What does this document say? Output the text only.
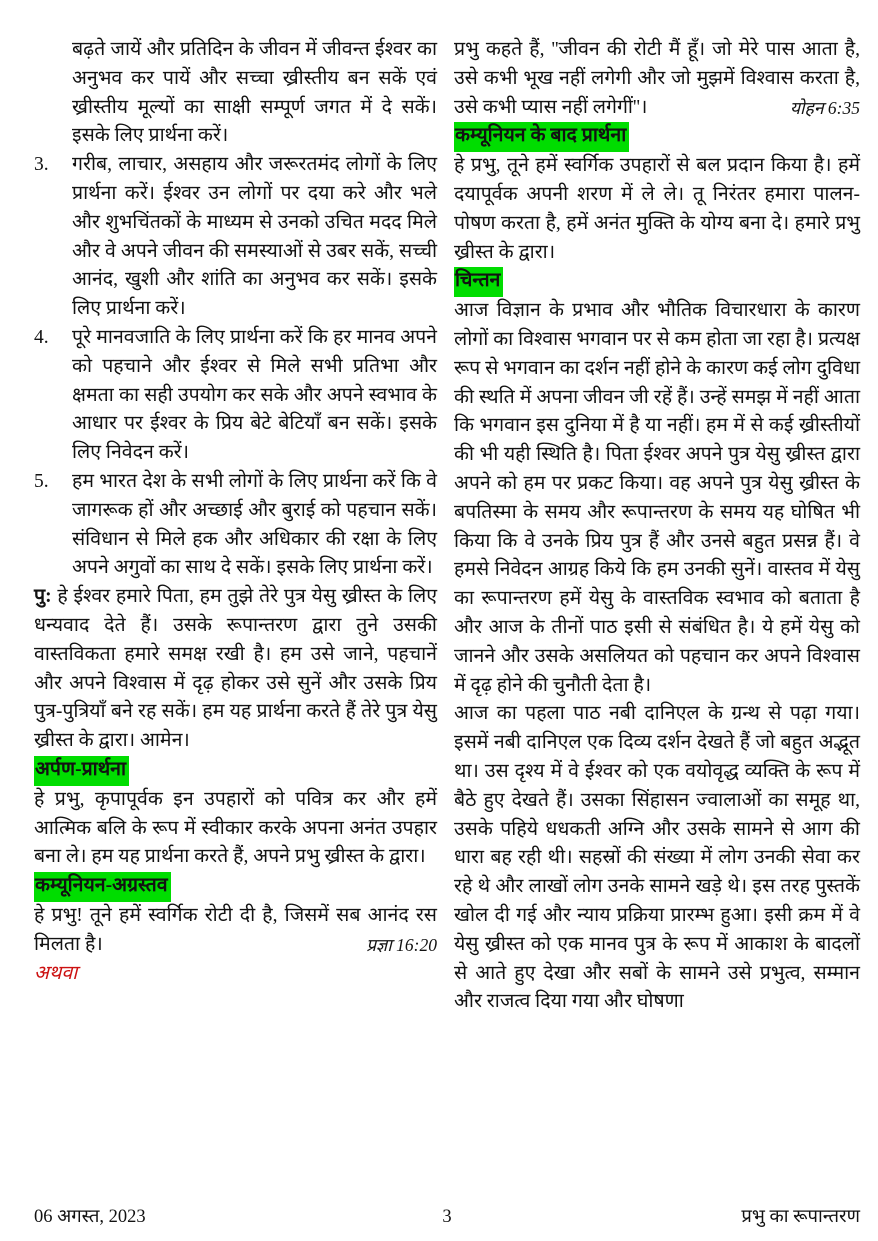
बढ़ते जायें और प्रतिदिन के जीवन में जीवन्त ईश्वर का अनुभव कर पायें और सच्चा ख्रीस्तीय बन सकें एवं ख्रीस्तीय मूल्यों का साक्षी सम्पूर्ण जगत में दे सकें। इसके लिए प्रार्थना करें।
3.	गरीब, लाचार, असहाय और जरूरतमंद लोगों के लिए प्रार्थना करें। ईश्वर उन लोगों पर दया करे और भले और शुभचिंतकों के माध्यम से उनको उचित मदद मिले और वे अपने जीवन की समस्याओं से उबर सकें, सच्ची आनंद, खुशी और शांति का अनुभव कर सकें। इसके लिए प्रार्थना करें।
4.	पूरे मानवजाति के लिए प्रार्थना करें कि हर मानव अपने को पहचाने और ईश्वर से मिले सभी प्रतिभा और क्षमता का सही उपयोग कर सके और अपने स्वभाव के आधार पर ईश्वर के प्रिय बेटे बेटियाँ बन सकें। इसके लिए निवेदन करें।
5.	हम भारत देश के सभी लोगों के लिए प्रार्थना करें कि वे जागरूक हों और अच्छाई और बुराई को पहचान सकें। संविधान से मिले हक और अधिकार की रक्षा के लिए अपने अगुवों का साथ दे सकें। इसके लिए प्रार्थना करें।

पु: हे ईश्वर हमारे पिता, हम तुझे तेरे पुत्र येसु ख्रीस्त के लिए धन्यवाद देते हैं। उसके रूपान्तरण द्वारा तुने उसकी वास्तविकता हमारे समक्ष रखी है। हम उसे जाने, पहचानें और अपने विश्वास में दृढ़ होकर उसे सुनें और उसके प्रिय पुत्र-पुत्रियाँ बने रह सकें। हम यह प्रार्थना करते हैं तेरे पुत्र येसु ख्रीस्त के द्वारा। आमेन।

अर्पण-प्रार्थना

हे प्रभु, कृपापूर्वक इन उपहारों को पवित्र कर और हमें आत्मिक बलि के रूप में स्वीकार करके अपना अनंत उपहार बना ले। हम यह प्रार्थना करते हैं, अपने प्रभु ख्रीस्त के द्वारा।

कम्यूनियन-अग्रस्तव

हे प्रभु! तूने हमें स्वर्गिक रोटी दी है, जिसमें सब आनंद रस मिलता है।	प्रज्ञा 16:20

अथवा

प्रभु कहते हैं, ''जीवन की रोटी मैं हूँ। जो मेरे पास आता है, उसे कभी भूख नहीं लगेगी और जो मुझमें विश्वास करता है, उसे कभी प्यास नहीं लगेगीं''।	योहन 6:35

कम्यूनियन के बाद प्रार्थना

हे प्रभु, तूने हमें स्वर्गिक उपहारों से बल प्रदान किया है। हमें दयापूर्वक अपनी शरण में ले ले। तू निरंतर हमारा पालन-पोषण करता है, हमें अनंत मुक्ति के योग्य बना दे। हमारे प्रभु ख्रीस्त के द्वारा।

चिन्तन

आज विज्ञान के प्रभाव और भौतिक विचारधारा के कारण लोगों का विश्वास भगवान पर से कम होता जा रहा है। प्रत्यक्ष रूप से भगवान का दर्शन नहीं होने के कारण कई लोग दुविधा की स्थति में अपना जीवन जी रहें हैं। उन्हें समझ में नहीं आता कि भगवान इस दुनिया में है या नहीं। हम में से कई ख्रीस्तीयों की भी यही स्थिति है। पिता ईश्वर अपने पुत्र येसु ख्रीस्त द्वारा अपने को हम पर प्रकट किया। वह अपने पुत्र येसु ख्रीस्त के बपतिस्मा के समय और रूपान्तरण के समय यह घोषित भी किया कि वे उनके प्रिय पुत्र हैं और उनसे बहुत प्रसन्न हैं। वे हमसे निवेदन आग्रह किये कि हम उनकी सुनें। वास्तव में येसु का रूपान्तरण हमें येसु के वास्तविक स्वभाव को बताता है और आज के तीनों पाठ इसी से संबंधित है। ये हमें येसु को जानने और उसके असलियत को पहचान कर अपने विश्वास में दृढ़ होने की चुनौती देता है।

आज का पहला पाठ नबी दानिएल के ग्रन्थ से पढ़ा गया। इसमें नबी दानिएल एक दिव्य दर्शन देखते हैं जो बहुत अद्भूत था। उस दृश्य में वे ईश्वर को एक वयोवृद्ध व्यक्ति के रूप में बैठे हुए देखते हैं। उसका सिंहासन ज्वालाओं का समूह था, उसके पहिये धधकती अग्नि और उसके सामने से आग की धारा बह रही थी। सहस्रों की संख्या में लोग उनकी सेवा कर रहे थे और लाखों लोग उनके सामने खड़े थे। इस तरह पुस्तकें खोल दी गई और न्याय प्रक्रिया प्रारम्भ हुआ। इसी क्रम में वे येसु ख्रीस्त को एक मानव पुत्र के रूप में आकाश के बादलों से आते हुए देखा और सबों के सामने उसे प्रभुत्व, सम्मान और राजत्व दिया गया और घोषणा

06 अगस्त, 2023	3	प्रभु का रूपान्तरण
